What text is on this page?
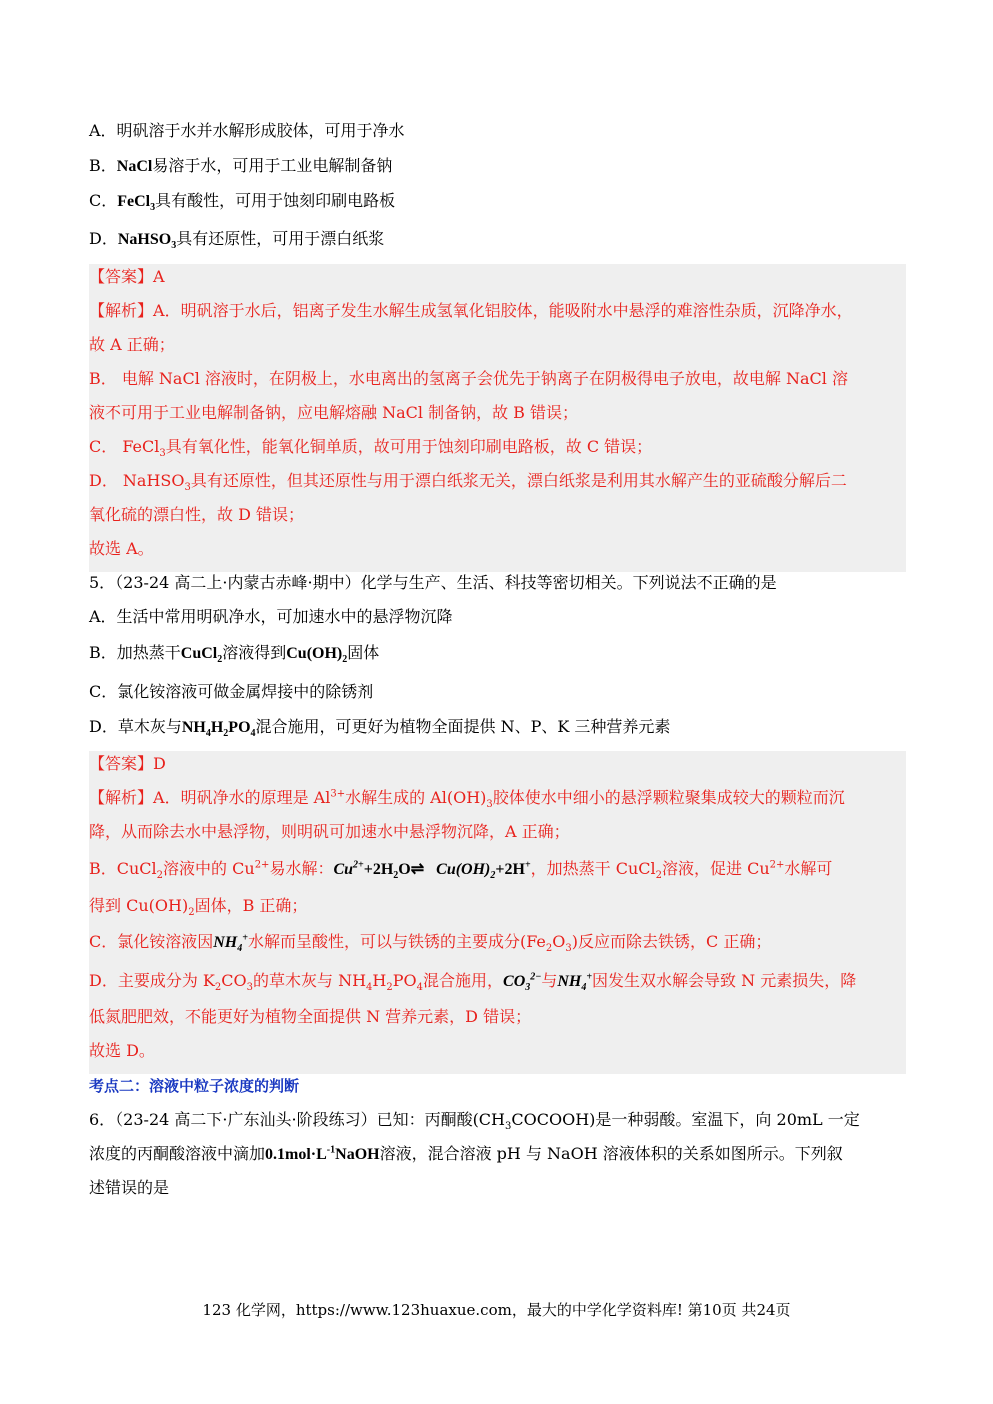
A．明矾溶于水并水解形成胶体，可用于净水
B．NaCl易溶于水，可用于工业电解制备钠
C．FeCl$_3$具有酸性，可用于蚀刻印刷电路板
D．NaHSO$_3$具有还原性，可用于漂白纸浆
【答案】A
【解析】A．明矾溶于水后，铝离子发生水解生成氢氧化铝胶体，能吸附水中悬浮的难溶性杂质，沉降净水，
故 A 正确；
B． 电解 NaCl 溶液时，在阴极上，水电离出的氢离子会优先于钠离子在阴极得电子放电，故电解 NaCl 溶
液不可用于工业电解制备钠，应电解熔融 NaCl 制备钠，故 B 错误；
C． FeCl$_3$具有氧化性，能氧化铜单质，故可用于蚀刻印刷电路板，故 C 错误；
D． NaHSO$_3$具有还原性，但其还原性与用于漂白纸浆无关，漂白纸浆是利用其水解产生的亚硫酸分解后二
氧化硫的漂白性，故 D 错误；
故选 A。
5．（23-24 高二上·内蒙古赤峰·期中）化学与生产、生活、科技等密切相关。下列说法不正确的是
A．生活中常用明矾净水，可加速水中的悬浮物沉降
B．加热蒸干CuCl$_2$溶液得到$Cu(OH)_2$固体
C．氯化铵溶液可做金属焊接中的除锈剂
D．草木灰与$NH_4H_2PO_4$混合施用，可更好为植物全面提供 N、P、K 三种营养元素
【答案】D
【解析】A．明矾净水的原理是 $Al^{3+}$水解生成的 $Al(OH)_3$胶体使水中细小的悬浮颗粒聚集成较大的颗粒而沉
降，从而除去水中悬浮物，则明矾可加速水中悬浮物沉降，A 正确；
B．CuCl$_2$溶液中的 $Cu^{2+}$易水解：$Cu^{2+}+2H_2O\rightleftharpoons$ $Cu(OH)_2+2H^+$，加热蒸干 CuCl$_2$溶液，促进 $Cu^{2+}$水解可
得到 $Cu(OH)_2$固体，B 正确；
C．氯化铵溶液因$NH_4^+$水解而呈酸性，可以与铁锈的主要成分$(Fe_2O_3)$反应而除去铁锈，C 正确；
D．主要成分为 $K_2CO_3$的草木灰与 $NH_4H_2PO_4$混合施用，$CO_3^{2-}$与$NH_4^+$因发生双水解会导致 N 元素损失，降
低氮肥肥效，不能更好为植物全面提供 N 营养元素，D 错误；
故选 D。
考点二：溶液中粒子浓度的判断
6．（23-24 高二下·广东汕头·阶段练习）已知：丙酮酸$(CH_3COCOOH)$是一种弱酸。室温下，向 20mL 一定
浓度的丙酮酸溶液中滴加$0.1mol\cdot L^{-1}NaOH$溶液，混合溶液 pH 与 NaOH 溶液体积的关系如图所示。下列叙
述错误的是
123 化学网，https://www.123huaxue.com，最大的中学化学资料库! 第10页 共24页
